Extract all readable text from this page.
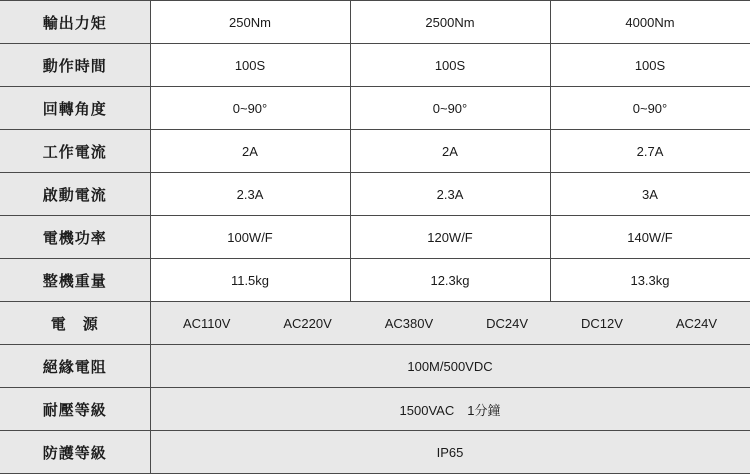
輸出力矩	250Nm	2500Nm	4000Nm
動作時間	100S	100S	100S
回轉角度	0~90°	0~90°	0~90°
工作電流	2A	2A	2.7A
啟動電流	2.3A	2.3A	3A
電機功率	100W/F	120W/F	140W/F
整機重量	11.5kg	12.3kg	13.3kg
電　源	AC110V	AC220V	AC380V	DC24V	DC12V	AC24V

絕緣電阻	100M/500VDC		
耐壓等級	1500VAC　1分鐘		
防護等級	IP65		
